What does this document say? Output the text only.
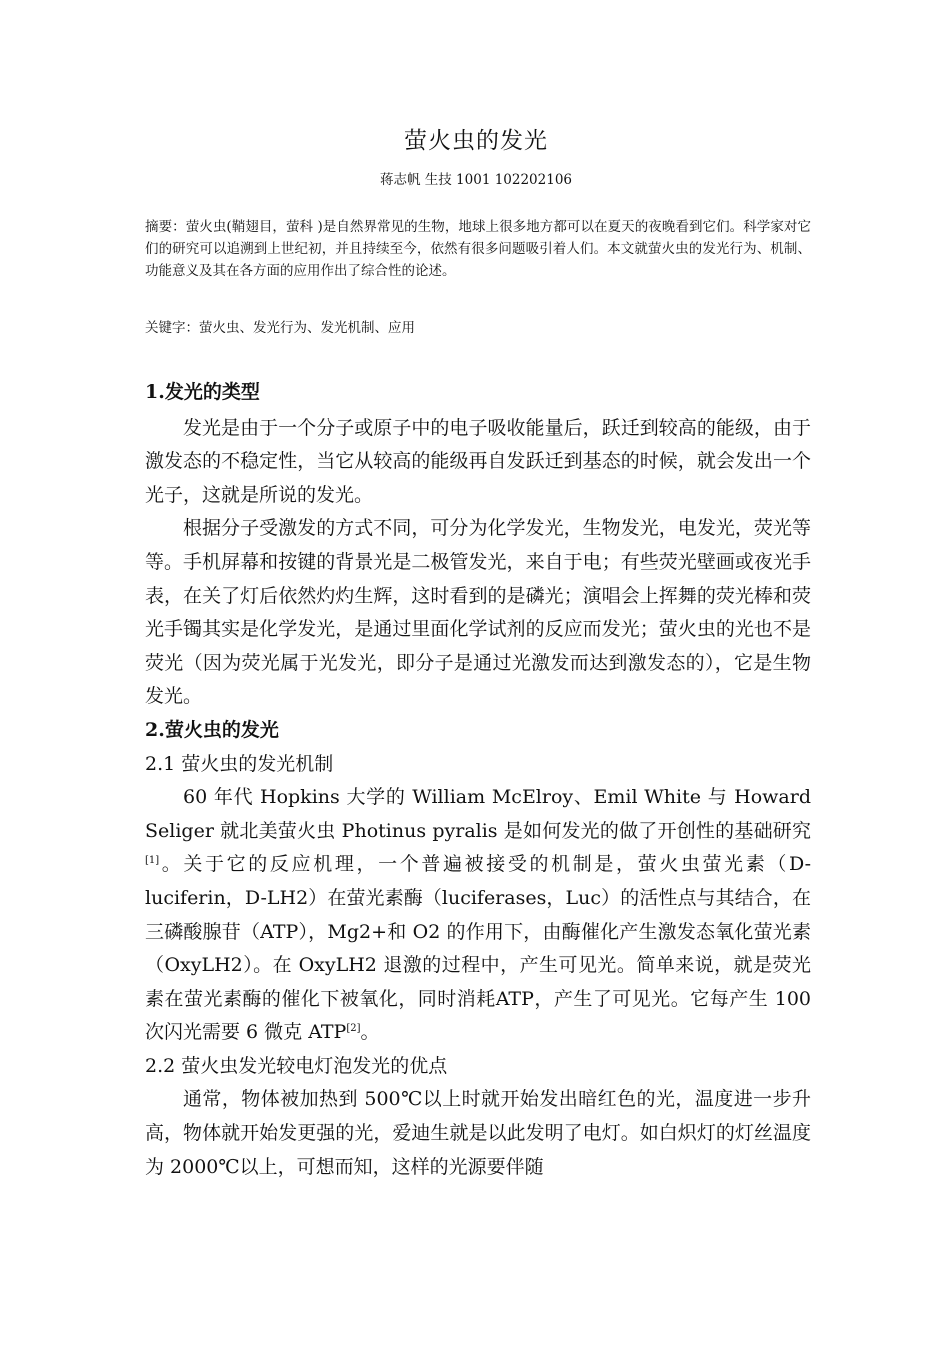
萤火虫的发光
蒋志帆 生技 1001 102202106
摘要：萤火虫(鞘翅目，萤科 )是自然界常见的生物，地球上很多地方都可以在夏天的夜晚看到它们。科学家对它们的研究可以追溯到上世纪初，并且持续至今，依然有很多问题吸引着人们。本文就萤火虫的发光行为、机制、功能意义及其在各方面的应用作出了综合性的论述。
关键字：萤火虫、发光行为、发光机制、应用

1.发光的类型

发光是由于一个分子或原子中的电子吸收能量后，跃迁到较高的能级，由于激发态的不稳定性，当它从较高的能级再自发跃迁到基态的时候，就会发出一个光子，这就是所说的发光。

根据分子受激发的方式不同，可分为化学发光，生物发光，电发光，荧光等等。手机屏幕和按键的背景光是二极管发光，来自于电；有些荧光壁画或夜光手表，在关了灯后依然灼灼生辉，这时看到的是磷光；演唱会上挥舞的荧光棒和荧光手镯其实是化学发光，是通过里面化学试剂的反应而发光；萤火虫的光也不是荧光（因为荧光属于光发光，即分子是通过光激发而达到激发态的），它是生物发光。

2.萤火虫的发光

2.1 萤火虫的发光机制

60 年代 Hopkins 大学的 William McElroy、Emil White 与 Howard Seliger 就北美萤火虫 Photinus pyralis 是如何发光的做了开创性的基础研究[1]。关于它的反应机理，一个普遍被接受的机制是，萤火虫萤光素（D-luciferin，D-LH2）在萤光素酶（luciferases，Luc）的活性点与其结合，在三磷酸腺苷（ATP），Mg2+和 O2 的作用下，由酶催化产生激发态氧化萤光素（OxyLH2）。在 OxyLH2 退激的过程中，产生可见光。简单来说，就是荧光素在萤光素酶的催化下被氧化，同时消耗ATP，产生了可见光。它每产生 100 次闪光需要 6 微克 ATP[2]。

2.2 萤火虫发光较电灯泡发光的优点

通常，物体被加热到 500℃以上时就开始发出暗红色的光，温度进一步升高，物体就开始发更强的光，爱迪生就是以此发明了电灯。如白炽灯的灯丝温度为 2000℃以上，可想而知，这样的光源要伴随
